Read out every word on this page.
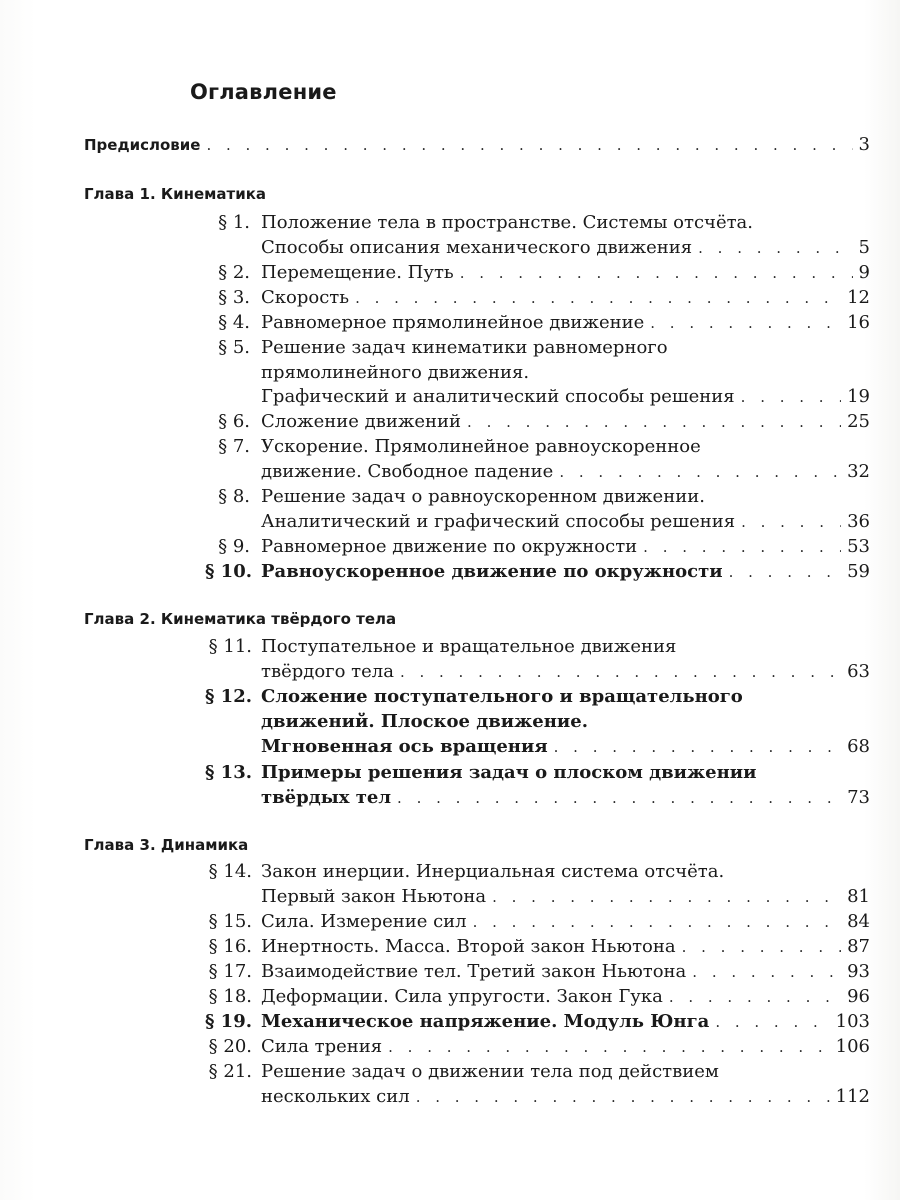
Оглавление
Предисловие . . .	3
Глава 1. Кинематика
§ 1. Положение тела в пространстве. Системы отсчёта.
Способы описания механического движения . . .	5
§ 2. Перемещение. Путь . . .	9
§ 3. Скорость . . .	12
§ 4. Равномерное прямолинейное движение . . .	16
§ 5. Решение задач кинематики равномерного
прямолинейного движения.
Графический и аналитический способы решения . . .	19
§ 6. Сложение движений . . .	25
§ 7. Ускорение. Прямолинейное равноускоренное
движение. Свободное падение . . .	32
§ 8. Решение задач о равноускоренном движении.
Аналитический и графический способы решения . . .	36
§ 9. Равномерное движение по окружности . . .	53
§ 10. Равноускоренное движение по окружности . . .	59
Глава 2. Кинематика твёрдого тела
§ 11. Поступательное и вращательное движения
твёрдого тела . . .	63
§ 12. Сложение поступательного и вращательного
движений. Плоское движение.
Мгновенная ось вращения . . .	68
§ 13. Примеры решения задач о плоском движении
твёрдых тел . . .	73
Глава 3. Динамика
§ 14. Закон инерции. Инерциальная система отсчёта.
Первый закон Ньютона . . .	81
§ 15. Сила. Измерение сил . . .	84
§ 16. Инертность. Масса. Второй закон Ньютона . . .	87
§ 17. Взаимодействие тел. Третий закон Ньютона . . .	93
§ 18. Деформации. Сила упругости. Закон Гука . . .	96
§ 19. Механическое напряжение. Модуль Юнга . . .	103
§ 20. Сила трения . . .	106
§ 21. Решение задач о движении тела под действием
нескольких сил . . .	112
